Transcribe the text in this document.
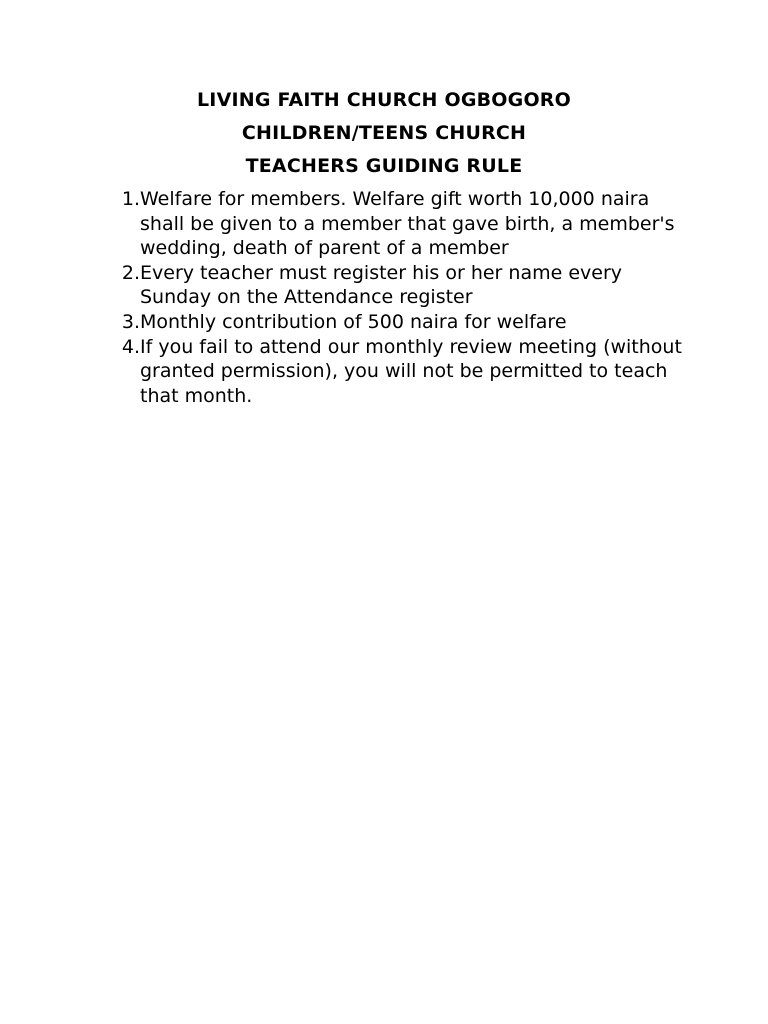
LIVING FAITH CHURCH OGBOGORO
CHILDREN/TEENS CHURCH
TEACHERS GUIDING RULE
1. Welfare for members. Welfare gift worth 10,000 naira shall be given to a member that gave birth, a member's wedding, death of parent of a member
2. Every teacher must register his or her name every Sunday on the Attendance register
3. Monthly contribution of 500 naira for welfare
4. If you fail to attend our monthly review meeting (without granted permission), you will not be permitted to teach that month.
